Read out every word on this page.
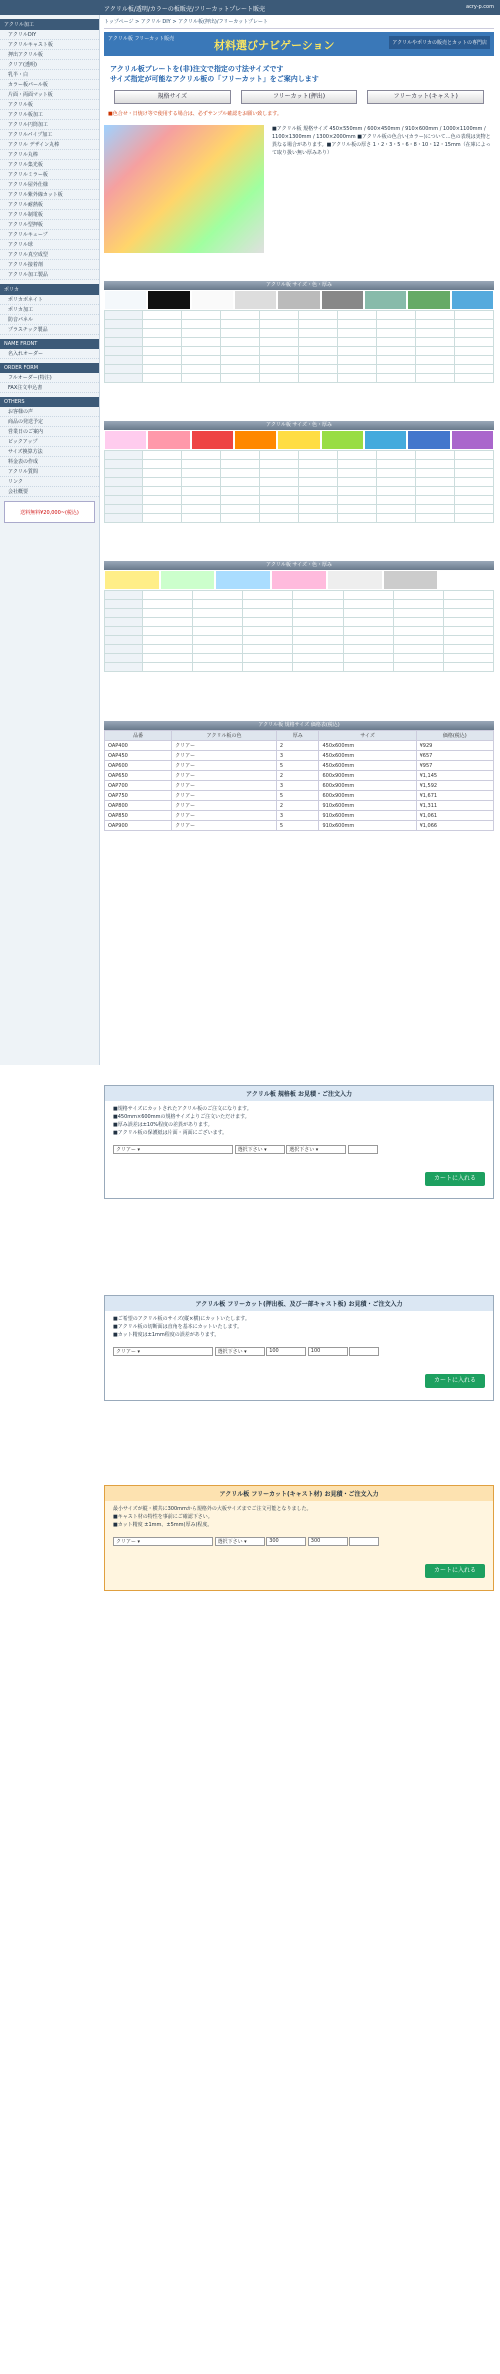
アクリル板/透明/カラーの板販売/フリーカットプレート販売	acry-p.com
アクリル加工
アクリルDIY
アクリルキャスト板
押出アクリル板
クリア(透明)
乳半・白
カラー板パール板
片面・両面マット板
アクリル板
アクリル板加工
アクリル円筒加工
アクリルパイプ加工
アクリル デザイン丸棒
アクリル丸棒
アクリル集光板
アクリルミラー板
アクリル屋外仕様
アクリル紫外線カット板
アクリル耐熱板
アクリル制電板
アクリル型押板
アクリルキューブ
アクリル球
アクリル真空成型
アクリル接着剤
アクリル加工製品
ポリカ
ポリカボネイト
ポリカ加工
防音パネル
プラスチック製品
NAME FRONT
名入れオーダー
ORDER FORM
フルオーダー(特注)
FAX注文申込書
OTHERS
お客様の声
商品の発送予定
営業日のご案内
ピックアップ
サイズ換算方法
料金表の作成
アクリル質問
リンク
会社概要
送料無料¥20,000~(税込)
トップページ > アクリル DIY > アクリル板(押出)/フリーカットプレート
アクリル板 フリーカット販売	材料選びナビゲーション	アクリルやポリカの販売とカットの専門店
アクリル板プレートを(非)注文で指定の寸法サイズです
サイズ指定が可能なアクリル板の「フリーカット」をご案内します
規格サイズ	フリーカット(押出)	フリーカット(キャスト)
■色合せ・日焼け等で使用する場合は、必ずサンプル確認をお願い致します。
■アクリル板 規格サイズ 450×550mm / 600×450mm / 910×600mm / 1000×1100mm / 1100×1300mm / 1300×2000mm ■アクリル板の色合い(カラー)について…色の表現は実物と異なる場合があります。■アクリル板の厚さ 1・2・3・5・6・8・10・12・15mm（在庫によって取り扱い無い厚みあり）
アクリル板 サイズ・色・厚み

アクリル板 サイズ・色・厚み

アクリル板 サイズ・色・厚み

アクリル板 規格サイズ 価格表(税込)
品番	アクリル板の色	厚み	サイズ	価格(税込)
OAP400	クリアー	2	450x600mm	¥929
OAP450	クリアー	3	450x600mm	¥657
OAP600	クリアー	5	450x600mm	¥957
OAP650	クリアー	2	600x900mm	¥1,145
OAP700	クリアー	3	600x900mm	¥1,592
OAP750	クリアー	5	600x900mm	¥1,671
OAP800	クリアー	2	910x600mm	¥1,311
OAP850	クリアー	3	910x600mm	¥1,061
OAP900	クリアー	5	910x600mm	¥1,066
アクリル板 規格板 お見積・ご注文入力
■規格サイズにカットされたアクリル板のご注文になります。
■450mm×600mmの規格サイズよりご注文いただけます。
■厚み誤差は±10%程度の差異があります。
■アクリル板の保護紙は片面・両面にございます。
クリアー ▾	選択下さい ▾	選択下さい ▾
カートに入れる
アクリル板 フリーカット(押出板、及び一部キャスト板) お見積・ご注文入力
■ご希望のアクリル板のサイズ(縦×横)にカットいたします。
■アクリル板の切断面は直角を基本にカットいたします。
■カット精度は±1mm程度の誤差があります。
クリアー ▾	選択下さい ▾	100	100
カートに入れる
アクリル板 フリーカット(キャスト材) お見積・ご注文入力
最小サイズが縦・横共に300mmから規格外の大板サイズまでご注文可能となりました。
■キャスト材の特性を事前にご確認下さい。
■カット精度 ±1mm、±5mm(厚み)程度。
クリアー ▾	選択下さい ▾	300	300
カートに入れる
